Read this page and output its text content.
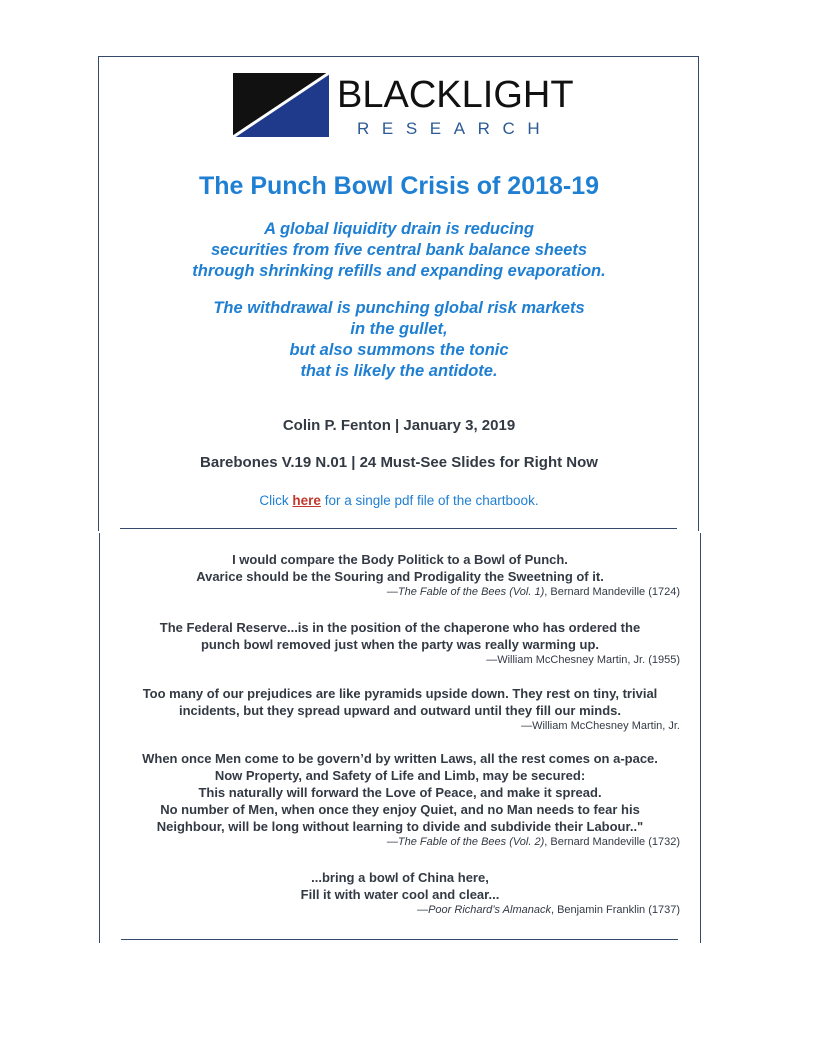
BLACKLIGHT
RESEARCH
The Punch Bowl Crisis of 2018-19
A global liquidity drain is reducing
securities from five central bank balance sheets
through shrinking refills and expanding evaporation.
The withdrawal is punching global risk markets
in the gullet,
but also summons the tonic
that is likely the antidote.
Colin P. Fenton | January 3, 2019
Barebones V.19 N.01 | 24 Must-See Slides for Right Now
Click here for a single pdf file of the chartbook.
I would compare the Body Politick to a Bowl of Punch.
Avarice should be the Souring and Prodigality the Sweetning of it.
—The Fable of the Bees (Vol. 1), Bernard Mandeville (1724)
The Federal Reserve...is in the position of the chaperone who has ordered the
punch bowl removed just when the party was really warming up.
—William McChesney Martin, Jr. (1955)
Too many of our prejudices are like pyramids upside down. They rest on tiny, trivial
incidents, but they spread upward and outward until they fill our minds.
—William McChesney Martin, Jr.
When once Men come to be govern’d by written Laws, all the rest comes on a-pace.
Now Property, and Safety of Life and Limb, may be secured:
This naturally will forward the Love of Peace, and make it spread.
No number of Men, when once they enjoy Quiet, and no Man needs to fear his
Neighbour, will be long without learning to divide and subdivide their Labour.."
—The Fable of the Bees (Vol. 2), Bernard Mandeville (1732)
...bring a bowl of China here,
Fill it with water cool and clear...
—Poor Richard’s Almanack, Benjamin Franklin (1737)
